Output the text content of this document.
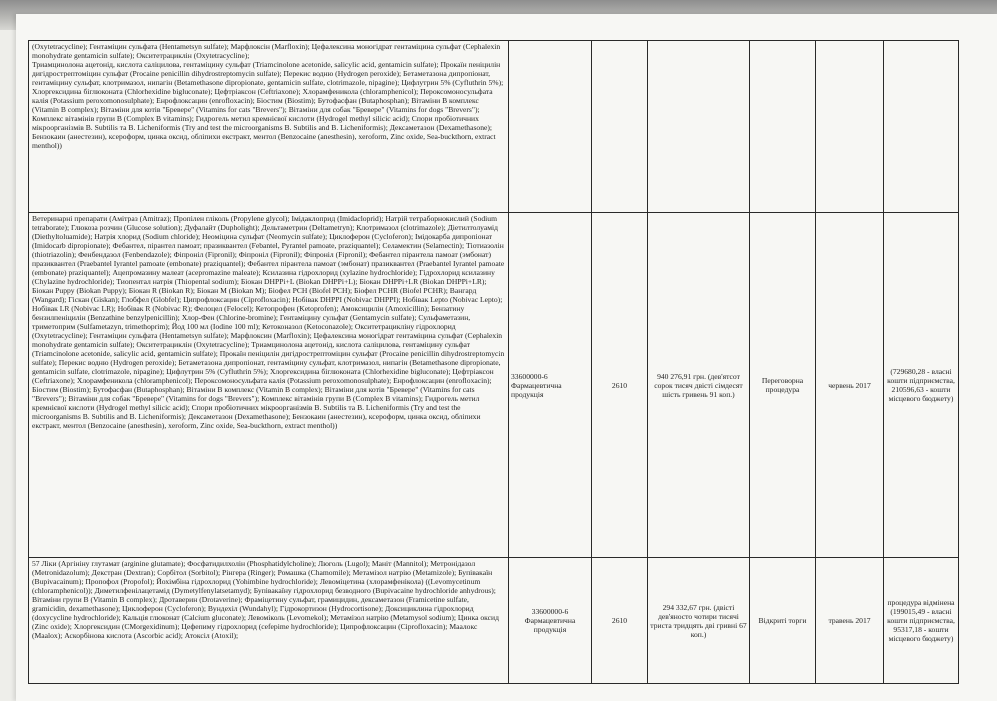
(Oxytetracycline); Гентаміцин сульфата (Hentametsyn sulfate); Марфлоксін (Marfloxin); Цефалексина моногідрат гентаміцина сульфат (Cephalexin monohydrate gentamicin sulfate); Окситетрациклін (Oxytetracycline);
Триамцинолона ацетонід, кислота саліцилова, гентаміцину сульфат (Triamcinolone acetonide, salicylic acid, gentamicin sulfate); Прокаїн пеніцилін дигідрострептоміцин сульфат (Procaine penicillin dihydrostreptomycin sulfate); Перекис водню (Hydrogen peroxide); Бетаметазона дипропіонат, гентаміцину сульфат, клотримазол, нипагін (Betamethasone dipropionate, gentamicin sulfate, clotrimazole, nipagine); Цифлутрин 5% (Cyfluthrin 5%);
Хлоргексидина біглюконата (Chlorhexidine bigluconate); Цефтріаксон (Ceftriaxone); Хлорамфеникола (chloramphenicol); Пероксомоносульфата калія (Potassium peroxomonosulphate); Енрофлоксацин (enrofloxacin); Біостим (Biostim); Бутофасфан (Butaphosphan); Вітаміни В комплекс (Vitamin B complex); Вітаміни для котів "Бревере" (Vitamins for cats "Brevers"); Вітаміни для собак "Бревере" (Vitamins for dogs "Brevers"); Комплекс вітамінів групи В (Complex B vitamins); Гидрогель метил кремнієвої кислоти (Hydrogel methyl silicic acid); Спори пробіотичних мікроорганізмів B. Subtilis та B. Licheniformis (Try and test the microorganisms B. Subtilis and B. Licheniformis); Дексаметазон (Dexamethasone); Бензокаин (анестезин), ксероформ, цинка оксид, обліпихи екстракт, ментол (Benzocaine (anesthesin), xeroform, Zinc oxide, Sea-buckthorn, extract menthol))						

Ветеринарні препарати (Амітраз (Amitraz); Пропілен гліколь (Propylene glycol); Імідаклоприд (Imidacloprid); Натрій тетраборнокислий (Sodium tetraborate); Глюкоза розчин (Glucose solution); Дуфалайт (Dupholight); Дельтаметрин (Deltametryn); Клотримазол (clotrimazole); Діетилтолуамід (Diethyltoluamide); Натрія хлорид (Sodium chloride); Неоміцина сульфат (Neomycin sulfate); Циклоферон (Cycloferon); Імідокарба дипропіонат (Imidocarb dipropionate); Фебантел, пірантел памоат; празиквантел (Febantel, Pyrantel pamoate, praziquantel); Селамектин (Selamectin); Тіотиазолін (thiotriazolin); Фенбендазол (Fenbendazole); Фіпроніл (Fipronil); Фіпроніл (Fipronil); Фіпроніл (Fipronil); Фебантел пірантела памоат (эмбонат) празиквантел (Praebantel Iyrantel pamoate (embonate) praziquantel); Фебантел пірантела памоат (эмбонат) празиквантел (Praebantel Iyrantel pamoate (embonate) praziquantel); Ацепромазину малеат (acepromazine maleate); Ксилазина гідрохлорид (xylazine hydrochloride); Гідрохлорид ксилазину (Chylazine hydrochloride); Тиопентал натрія (Thiopental sodium); Біокан DHPPi+L (Biokan DHPPi+L); Біокан DHPPi+LR (Biokan DHPPi+LR); Біокан Puppy (Biokan Puppy); Біокан R (Biokan R); Біокан M (Biokan M); Біофел PCH (Biofel PCH); Біофел PCHR (Biofel PCHR); Вангард (Wangard); Гіскан (Giskan); Глобфел (Globfel); Ципрофлоксацин (Ciprofloxacin); Нобівак DHPPI (Nobivac DHPPI); Нобівак Lepto (Nobivac Lepto); Нобівак LR (Nobivac LR); Нобівак R (Nobivac R); Фелоцел (Felocel); Кетопрофен (Ketoprofen); Амоксицилін (Amoxicillin); Бензатину бензилпеніцилін (Benzathine benzylpenicillin); Хлор-Фен (Chlorine-bromine); Гентаміцину сульфат (Gentamycin sulfate); Сульфаметазин, триметоприм (Sulfametazyn, trimethoprim); Йод 100 мл (Iodine 100 ml); Кетоконазол (Ketoconazole); Окситетрацикліну гідрохлорид (Oxytetracycline); Гентаміцин сульфата (Hentametsyn sulfate); Марфлоксин (Marfloxin); Цефалексина моногідрат гентаміцина сульфат (Cephalexin monohydrate gentamicin sulfate); Окситетрациклін (Oxytetracycline); Триамцинолона ацетонід, кислота саліцилова, гентаміцину сульфат (Triamcinolone acetonide, salicylic acid, gentamicin sulfate); Прокаїн пеніцилін дигідрострептоміцин сульфат (Procaine penicillin dihydrostreptomycin sulfate); Перекис водню (Hydrogen peroxide); Бетаметазона дипропіонат, гентаміцину сульфат, клотримазол, нипагін (Betamethasone dipropionate, gentamicin sulfate, clotrimazole, nipagine); Цифлутрин 5% (Cyfluthrin 5%); Хлоргексидина біглюконата (Chlorhexidine bigluconate); Цефтріаксон (Ceftriaxone); Хлорамфеникола (chloramphenicol); Пероксомоносульфата калія (Potassium peroxomonosulphate); Енрофлоксацин (enrofloxacin); Біостим (Biostim); Бутофасфан (Butaphosphan); Вітаміни В комплекс (Vitamin B complex); Вітаміни для котів "Бревере" (Vitamins for cats "Brevers"); Вітаміни для собак "Бревере" (Vitamins for dogs "Brevers"); Комплекс вітамінів групи В (Complex B vitamins); Гидрогель метил кремнієвої кислоти (Hydrogel methyl silicic acid); Спори пробіотичних мікроорганізмів B. Subtilis та B. Licheniformis (Try and test the microorganisms B. Subtilis and B. Licheniformis); Дексаметазон (Dexamethasone); Бензокаин (анестезин), ксероформ, цинка оксид, обліпихи екстракт, ментол (Benzocaine (anesthesin), xeroform, Zinc oxide, Sea-buckthorn, extract menthol))	33600000-6 Фармацевтична продукція	2610	940 276,91 грн. (дев'ятсот сорок тисяч двісті сімдесят шість гривень 91 коп.)	Переговорна процедура	червень 2017	(729680,28 - власні кошти підприємства, 210596,63 - кошти місцевого бюджету)

57 Ліки (Аргініну глутамат (arginine glutamate); Фосфатидилхолін (Phosphatidylcholine); Люголь (Lugol); Маніт (Mannitol); Метронідазол (Metronidazolum); Декстран (Dextran); Сорбітол (Sorbitol); Рінгера (Ringer); Ромашка (Chamomile); Метамізол натрію (Metamizole); Бупівакаїн (Bupivacainum); Пропофол (Propofol); Йохімбіна гідрохлорид (Yohimbine hydrochloride); Левоміцетина (хлорамфеніколa) ((Levomycetinum (chloramphenicol)); Диметилфенілацетамід (Dymetylfenylatsetamyd); Бупівакаїну гідрохлорид безводного (Bupivacaine hydrochloride anhydrous); Вітаміни групи В (Vitamin B complex); Дротаверин (Drotaverine); Фраміцетину сульфат, грамицидин, дексаметазон (Framicetine sulfate, gramicidin, dexamethasone); Циклоферон (Cycloferon); Вундехіл (Wundahyl); Гідрокортизон (Hydrocortisone); Доксициклина гідрохлорид (doxycycline hydrochloride); Кальція глюконат (Calcium gluconate); Левоміколь (Levomekol); Метамізол натрію (Metamysol sodium); Цинка оксид (Zinc oxide); Хлоргексидин (CMorgexidinum); Цефепиму гідрохлорид (cefepime hydrochloride); Ципрофлоксацин (Ciprofloxacin); Маалокс (Maalox); Аскорбінова кислота (Ascorbic acid); Атоксіл (Atoxil);	33600000-6 Фармацевтична продукція	2610	294 332,67 грн. (двісті дев'яносто чотири тисячі триста тридцять дві гривні 67 коп.)	Відкриті торги	травень 2017	процедура відмінена (199015,49 - власні кошти підприємства, 95317,18 - кошти місцевого бюджету)
